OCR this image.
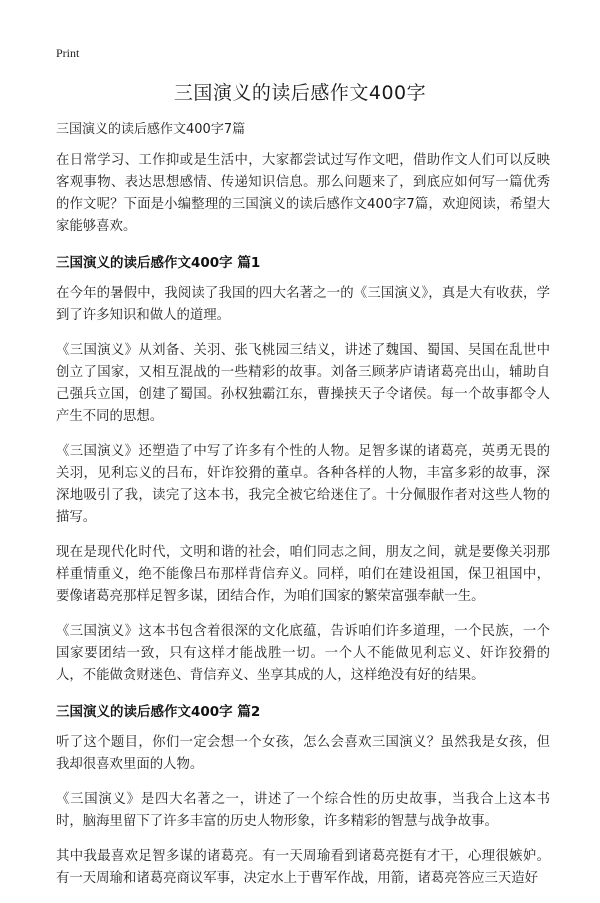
Print
三国演义的读后感作文400字
三国演义的读后感作文400字7篇

在日常学习、工作抑或是生活中，大家都尝试过写作文吧，借助作文人们可以反映客观事物、表达思想感情、传递知识信息。那么问题来了，到底应如何写一篇优秀的作文呢？下面是小编整理的三国演义的读后感作文400字7篇，欢迎阅读，希望大家能够喜欢。

三国演义的读后感作文400字 篇1

在今年的暑假中，我阅读了我国的四大名著之一的《三国演义》，真是大有收获，学到了许多知识和做人的道理。

《三国演义》从刘备、关羽、张飞桃园三结义，讲述了魏国、蜀国、吴国在乱世中创立了国家，又相互混战的一些精彩的故事。刘备三顾茅庐请诸葛亮出山，辅助自己强兵立国，创建了蜀国。孙权独霸江东，曹操挟天子令诸侯。每一个故事都令人产生不同的思想。

《三国演义》还塑造了中写了许多有个性的人物。足智多谋的诸葛亮，英勇无畏的关羽，见利忘义的吕布，奸诈狡猾的董卓。各种各样的人物，丰富多彩的故事，深深地吸引了我，读完了这本书，我完全被它给迷住了。十分佩服作者对这些人物的描写。

现在是现代化时代，文明和谐的社会，咱们同志之间，朋友之间，就是要像关羽那样重情重义，绝不能像吕布那样背信弃义。同样，咱们在建设祖国，保卫祖国中，要像诸葛亮那样足智多谋，团结合作，为咱们国家的繁荣富强奉献一生。

《三国演义》这本书包含着很深的文化底蕴，告诉咱们许多道理，一个民族，一个国家要团结一致，只有这样才能战胜一切。一个人不能做见利忘义、奸诈狡猾的人，不能做贪财迷色、背信弃义、坐享其成的人，这样绝没有好的结果。

三国演义的读后感作文400字 篇2

听了这个题目，你们一定会想一个女孩，怎么会喜欢三国演义？虽然我是女孩，但我却很喜欢里面的人物。

《三国演义》是四大名著之一，讲述了一个综合性的历史故事，当我合上这本书时，脑海里留下了许多丰富的历史人物形象，许多精彩的智慧与战争故事。

其中我最喜欢足智多谋的诸葛亮。有一天周瑜看到诸葛亮挺有才干，心理很嫉妒。有一天周瑜和诸葛亮商议军事，决定水上于曹军作战，用箭，诸葛亮答应三天造好
